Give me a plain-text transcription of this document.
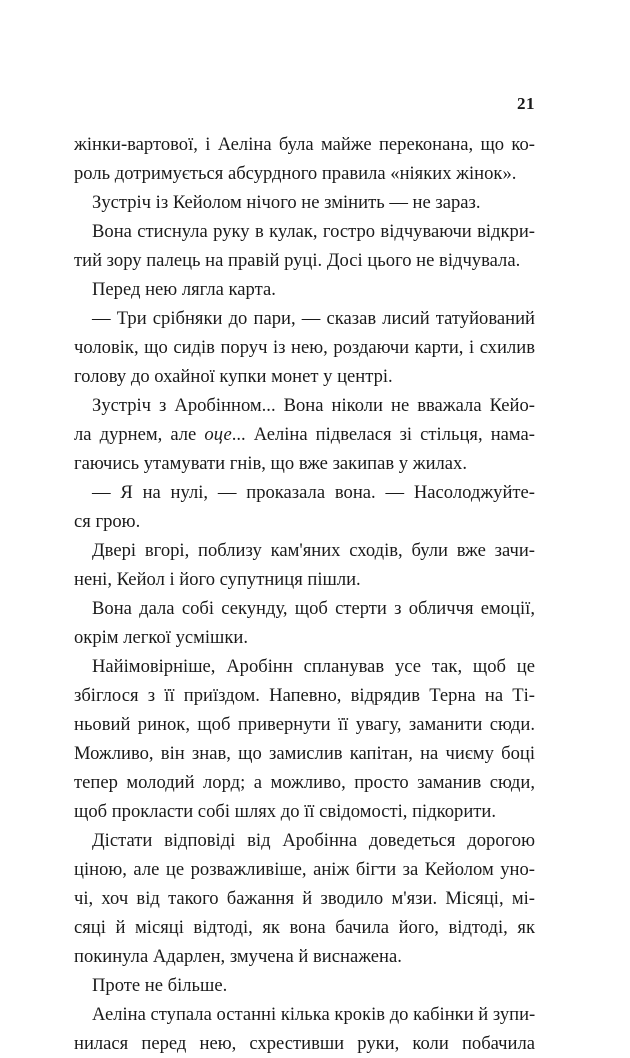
21
жінки-вартової, і Аеліна була майже переконана, що ко-
роль дотримується абсурдного правила «ніяких жінок».
Зустріч із Кейолом нічого не змінить — не зараз.
Вона стиснула руку в кулак, гостро відчуваючи відкри-
тий зору палець на правій руці. Досі цього не відчувала.
Перед нею лягла карта.
— Три срібняки до пари, — сказав лисий татуйований
чоловік, що сидів поруч із нею, роздаючи карти, і схилив
голову до охайної купки монет у центрі.
Зустріч з Аробінном... Вона ніколи не вважала Кейо-
ла дурнем, але оце... Аеліна підвелася зі стільця, нама-
гаючись утамувати гнів, що вже закипав у жилах.
— Я на нулі, — проказала вона. — Насолоджуйте-
ся грою.
Двері вгорі, поблизу кам'яних сходів, були вже зачи-
нені, Кейол і його супутниця пішли.
Вона дала собі секунду, щоб стерти з обличчя емоції,
окрім легкої усмішки.
Найімовірніше, Аробінн спланував усе так, щоб це
збіглося з її приїздом. Напевно, відрядив Терна на Ті-
ньовий ринок, щоб привернути її увагу, заманити сюди.
Можливо, він знав, що замислив капітан, на чиєму боці
тепер молодий лорд; а можливо, просто заманив сюди,
щоб прокласти собі шлях до її свідомості, підкорити.
Дістати відповіді від Аробінна доведеться дорогою
ціною, але це розважливіше, аніж бігти за Кейолом уно-
чі, хоч від такого бажання й зводило м'язи. Місяці, мі-
сяці й місяці відтоді, як вона бачила його, відтоді, як
покинула Адарлен, змучена й виснажена.
Проте не більше.
Аеліна ступала останні кілька кроків до кабінки й зупи-
нилася перед нею, схрестивши руки, коли побачила
